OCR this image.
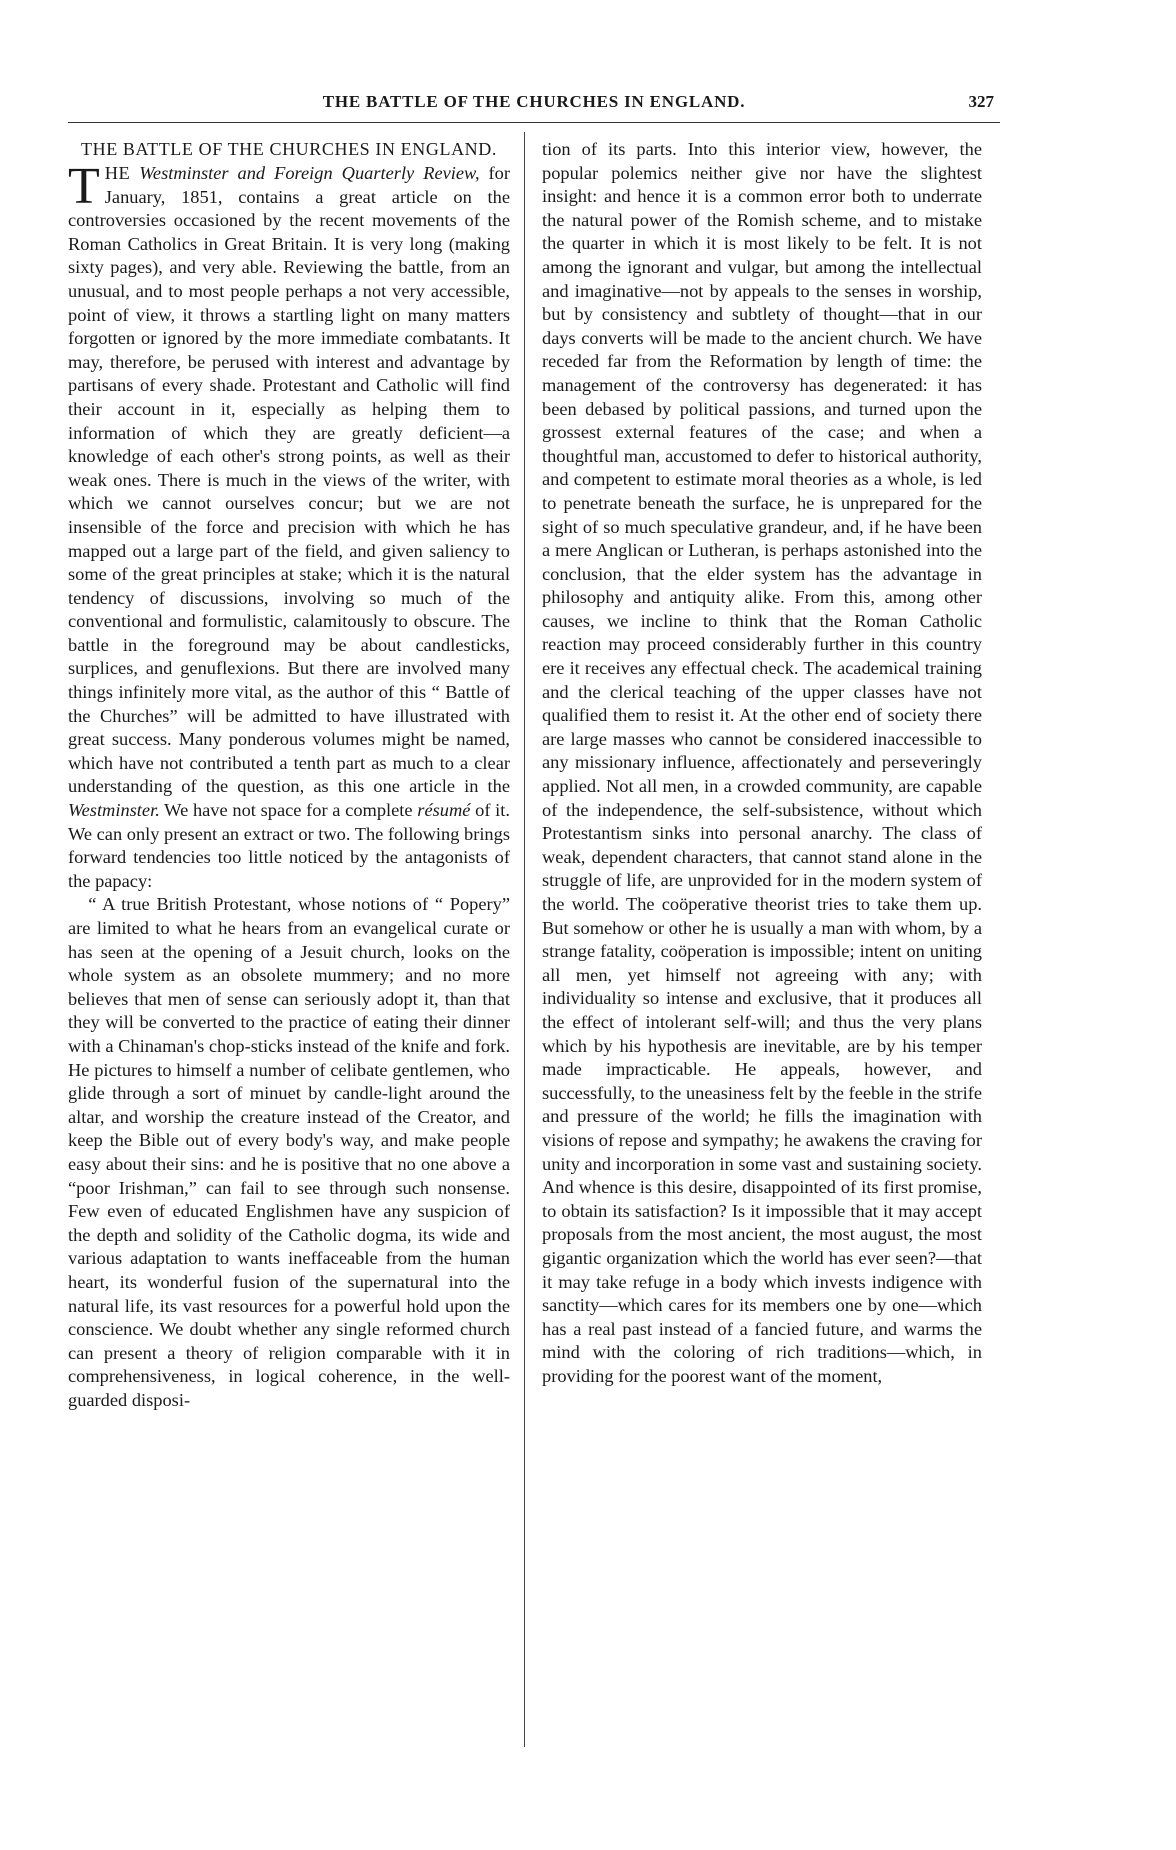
THE BATTLE OF THE CHURCHES IN ENGLAND.	327
THE BATTLE OF THE CHURCHES IN ENGLAND.

THE Westminster and Foreign Quarterly Review, for January, 1851, contains a great article on the controversies occasioned by the recent movements of the Roman Catholics in Great Britain. It is very long (making sixty pages), and very able. Reviewing the battle, from an unusual, and to most people perhaps a not very accessible, point of view, it throws a startling light on many matters forgotten or ignored by the more immediate combatants. It may, therefore, be perused with interest and advantage by partisans of every shade. Protestant and Catholic will find their account in it, especially as helping them to information of which they are greatly deficient—a knowledge of each other's strong points, as well as their weak ones. There is much in the views of the writer, with which we cannot ourselves concur; but we are not insensible of the force and precision with which he has mapped out a large part of the field, and given saliency to some of the great principles at stake; which it is the natural tendency of discussions, involving so much of the conventional and formulistic, calamitously to obscure. The battle in the foreground may be about candlesticks, surplices, and genuflexions. But there are involved many things infinitely more vital, as the author of this “ Battle of the Churches” will be admitted to have illustrated with great success. Many ponderous volumes might be named, which have not contributed a tenth part as much to a clear understanding of the question, as this one article in the Westminster. We have not space for a complete résumé of it. We can only present an extract or two. The following brings forward tendencies too little noticed by the antagonists of the papacy:

“ A true British Protestant, whose notions of “ Popery” are limited to what he hears from an evangelical curate or has seen at the opening of a Jesuit church, looks on the whole system as an obsolete mummery; and no more believes that men of sense can seriously adopt it, than that they will be converted to the practice of eating their dinner with a Chinaman's chop-sticks instead of the knife and fork. He pictures to himself a number of celibate gentlemen, who glide through a sort of minuet by candle-light around the altar, and worship the creature instead of the Creator, and keep the Bible out of every body's way, and make people easy about their sins: and he is positive that no one above a “poor Irishman,” can fail to see through such nonsense. Few even of educated Englishmen have any suspicion of the depth and solidity of the Catholic dogma, its wide and various adaptation to wants ineffaceable from the human heart, its wonderful fusion of the supernatural into the natural life, its vast resources for a powerful hold upon the conscience. We doubt whether any single reformed church can present a theory of religion comparable with it in comprehensiveness, in logical coherence, in the well-guarded disposi-

tion of its parts. Into this interior view, however, the popular polemics neither give nor have the slightest insight: and hence it is a common error both to underrate the natural power of the Romish scheme, and to mistake the quarter in which it is most likely to be felt. It is not among the ignorant and vulgar, but among the intellectual and imaginative—not by appeals to the senses in worship, but by consistency and subtlety of thought—that in our days converts will be made to the ancient church. We have receded far from the Reformation by length of time: the management of the controversy has degenerated: it has been debased by political passions, and turned upon the grossest external features of the case; and when a thoughtful man, accustomed to defer to historical authority, and competent to estimate moral theories as a whole, is led to penetrate beneath the surface, he is unprepared for the sight of so much speculative grandeur, and, if he have been a mere Anglican or Lutheran, is perhaps astonished into the conclusion, that the elder system has the advantage in philosophy and antiquity alike. From this, among other causes, we incline to think that the Roman Catholic reaction may proceed considerably further in this country ere it receives any effectual check. The academical training and the clerical teaching of the upper classes have not qualified them to resist it. At the other end of society there are large masses who cannot be considered inaccessible to any missionary influence, affectionately and perseveringly applied. Not all men, in a crowded community, are capable of the independence, the self-subsistence, without which Protestantism sinks into personal anarchy. The class of weak, dependent characters, that cannot stand alone in the struggle of life, are unprovided for in the modern system of the world. The coöperative theorist tries to take them up. But somehow or other he is usually a man with whom, by a strange fatality, coöperation is impossible; intent on uniting all men, yet himself not agreeing with any; with individuality so intense and exclusive, that it produces all the effect of intolerant self-will; and thus the very plans which by his hypothesis are inevitable, are by his temper made impracticable. He appeals, however, and successfully, to the uneasiness felt by the feeble in the strife and pressure of the world; he fills the imagination with visions of repose and sympathy; he awakens the craving for unity and incorporation in some vast and sustaining society. And whence is this desire, disappointed of its first promise, to obtain its satisfaction? Is it impossible that it may accept proposals from the most ancient, the most august, the most gigantic organization which the world has ever seen?—that it may take refuge in a body which invests indigence with sanctity—which cares for its members one by one—which has a real past instead of a fancied future, and warms the mind with the coloring of rich traditions—which, in providing for the poorest want of the moment,
